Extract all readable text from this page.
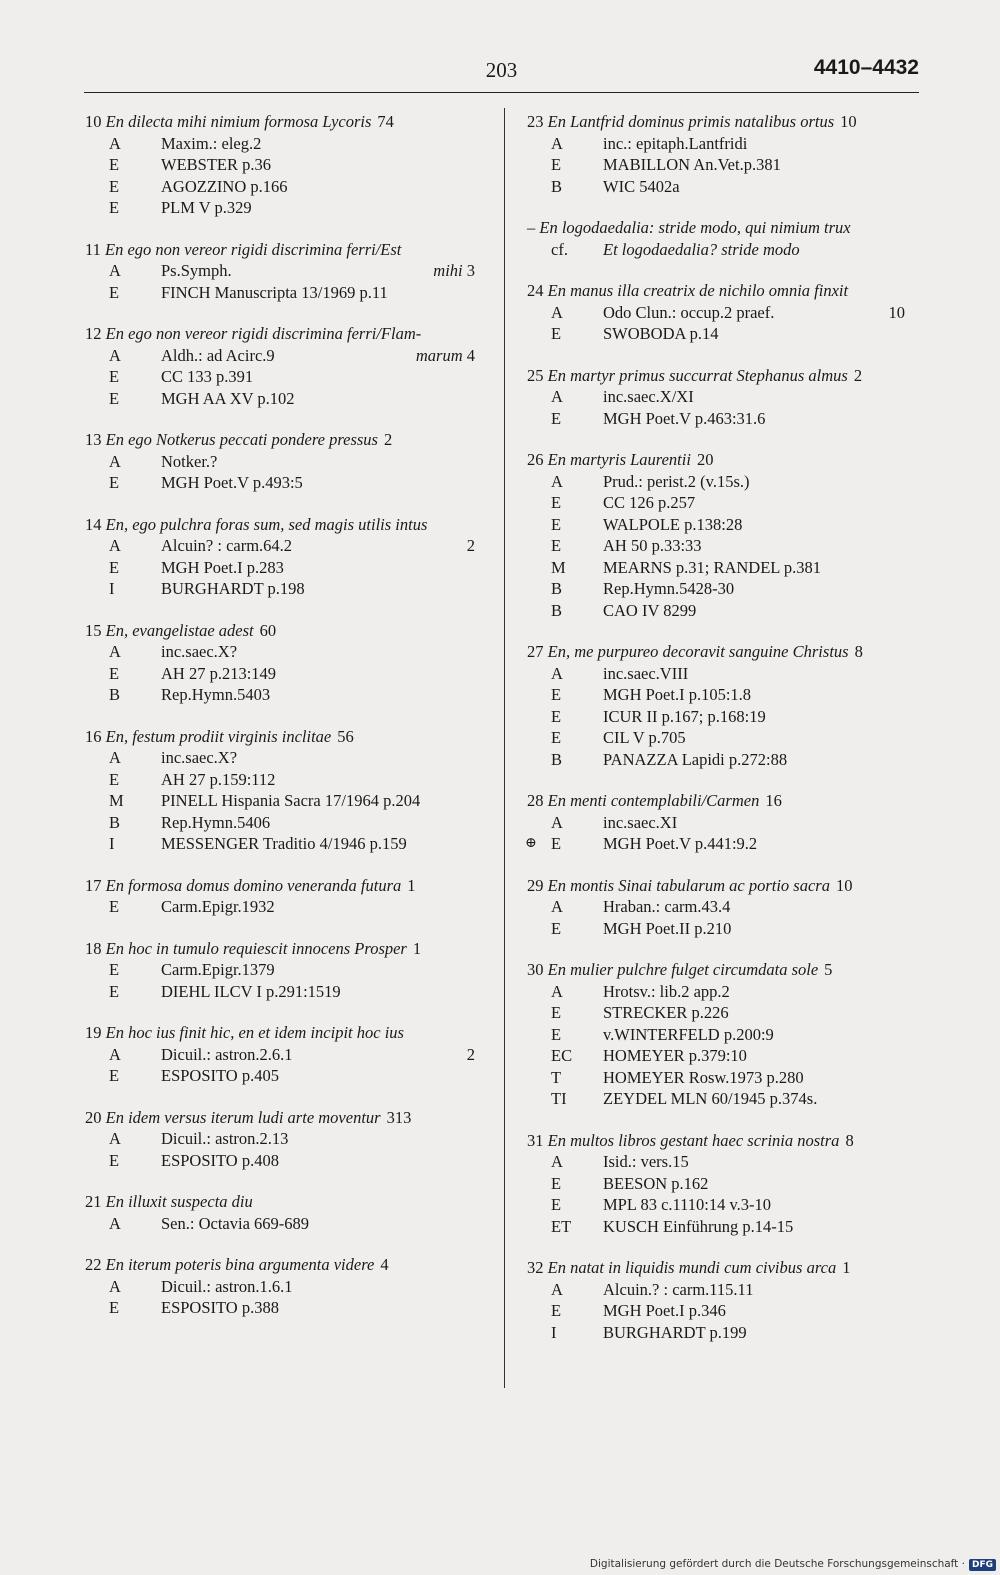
203	4410–4432
10 En dilecta mihi nimium formosa Lycoris 74
A Maxim.: eleg.2
E	WEBSTER p.36
E	AGOZZINO p.166
E	PLM V p.329
11 En ego non vereor rigidi discrimina ferri/Est
A Ps.Symph.	mihi 3
E	FINCH Manuscripta 13/1969 p.11
12 En ego non vereor rigidi discrimina ferri/Flam-
A Aldh.: ad Acirc.9	marum 4
E	CC 133 p.391
E	MGH AA XV p.102
13 En ego Notkerus peccati pondere pressus 2
A Notker.?
E	MGH Poet.V p.493:5
14 En, ego pulchra foras sum, sed magis utilis intus
A Alcuin? : carm.64.2	2
E	MGH Poet.I p.283
I	BURGHARDT p.198
15 En, evangelistae adest 60
A inc.saec.X?
E	AH 27 p.213:149
B Rep.Hymn.5403
16 En, festum prodiit virginis inclitae 56
A inc.saec.X?
E	AH 27 p.159:112
M PINELL Hispania Sacra 17/1964 p.204
B Rep.Hymn.5406
I	MESSENGER Traditio 4/1946 p.159
17 En formosa domus domino veneranda futura 1
E	Carm.Epigr.1932
18 En hoc in tumulo requiescit innocens Prosper 1
E	Carm.Epigr.1379
E	DIEHL ILCV I p.291:1519
19 En hoc ius finit hic, en et idem incipit hoc ius
A Dicuil.: astron.2.6.1	2
E	ESPOSITO p.405
20 En idem versus iterum ludi arte moventur 313
A Dicuil.: astron.2.13
E	ESPOSITO p.408
21 En illuxit suspecta diu
A Sen.: Octavia 669-689
22 En iterum poteris bina argumenta videre 4
A Dicuil.: astron.1.6.1
E	ESPOSITO p.388
23 En Lantfrid dominus primis natalibus ortus 10
A inc.: epitaph.Lantfridi
E	MABILLON An.Vet.p.381
B WIC 5402a
– En logodaedalia: stride modo, qui nimium trux
cf. Et logodaedalia? stride modo
24 En manus illa creatrix de nichilo omnia finxit
A Odo Clun.: occup.2 praef.	10
E	SWOBODA p.14
25 En martyr primus succurrat Stephanus almus 2
A inc.saec.X/XI
E	MGH Poet.V p.463:31.6
26 En martyris Laurentii 20
A Prud.: perist.2 (v.15s.)
E	CC 126 p.257
E	WALPOLE p.138:28
E	AH 50 p.33:33
M MEARNS p.31; RANDEL p.381
B Rep.Hymn.5428-30
B CAO IV 8299
27 En, me purpureo decoravit sanguine Christus 8
A inc.saec.VIII
E	MGH Poet.I p.105:1.8
E	ICUR II p.167; p.168:19
E	CIL V p.705
B PANAZZA Lapidi p.272:88
28 En menti contemplabili/Carmen 16
A inc.saec.XI
⊕ E	MGH Poet.V p.441:9.2
29 En montis Sinai tabularum ac portio sacra 10
A Hraban.: carm.43.4
E	MGH Poet.II p.210
30 En mulier pulchre fulget circumdata sole 5
A Hrotsv.: lib.2 app.2
E	STRECKER p.226
E	v.WINTERFELD p.200:9
EC HOMEYER p.379:10
T	HOMEYER Rosw.1973 p.280
TI ZEYDEL MLN 60/1945 p.374s.
31 En multos libros gestant haec scrinia nostra 8
A Isid.: vers.15
E	BEESON p.162
E	MPL 83 c.1110:14 v.3-10
ET KUSCH Einführung p.14-15
32 En natat in liquidis mundi cum civibus arca 1
A Alcuin.? : carm.115.11
E	MGH Poet.I p.346
I	BURGHARDT p.199
Digitalisierung gefördert durch die Deutsche Forschungsgemeinschaft · DFG
